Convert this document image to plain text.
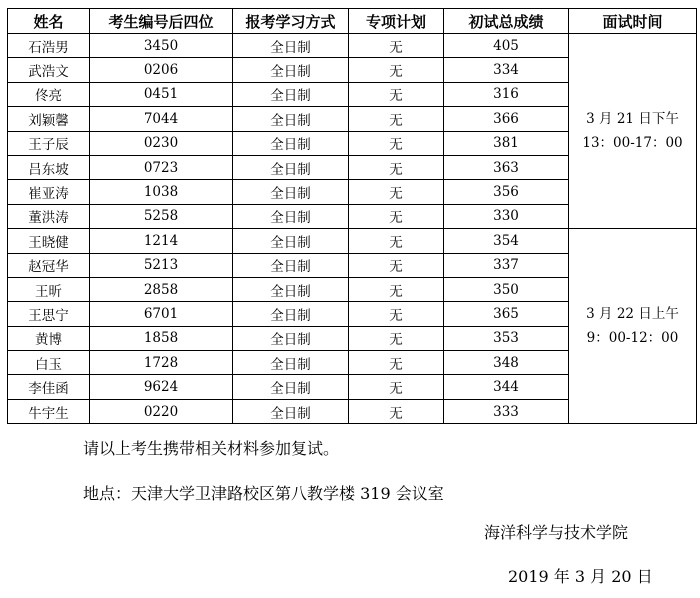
姓名	考生编号后四位	报考学习方式	专项计划	初试总成绩	面试时间
石浩男	3450	全日制	无	405	3 月 21 日下午
13：00-17：00

武浩文	0206	全日制	无	334	
佟亮	0451	全日制	无	316	
刘颖馨	7044	全日制	无	366	
王子辰	0230	全日制	无	381	
吕东坡	0723	全日制	无	363	
崔亚涛	1038	全日制	无	356	
董洪涛	5258	全日制	无	330	
王晓健	1214	全日制	无	354	3 月 22 日上午
9：00-12：00

赵冠华	5213	全日制	无	337	
王昕	2858	全日制	无	350	
王思宁	6701	全日制	无	365	
黄博	1858	全日制	无	353	
白玉	1728	全日制	无	348	
李佳函	9624	全日制	无	344	
牛宇生	0220	全日制	无	333	
请以上考生携带相关材料参加复试。
地点：天津大学卫津路校区第八教学楼 319 会议室
海洋科学与技术学院
2019 年 3 月 20 日
